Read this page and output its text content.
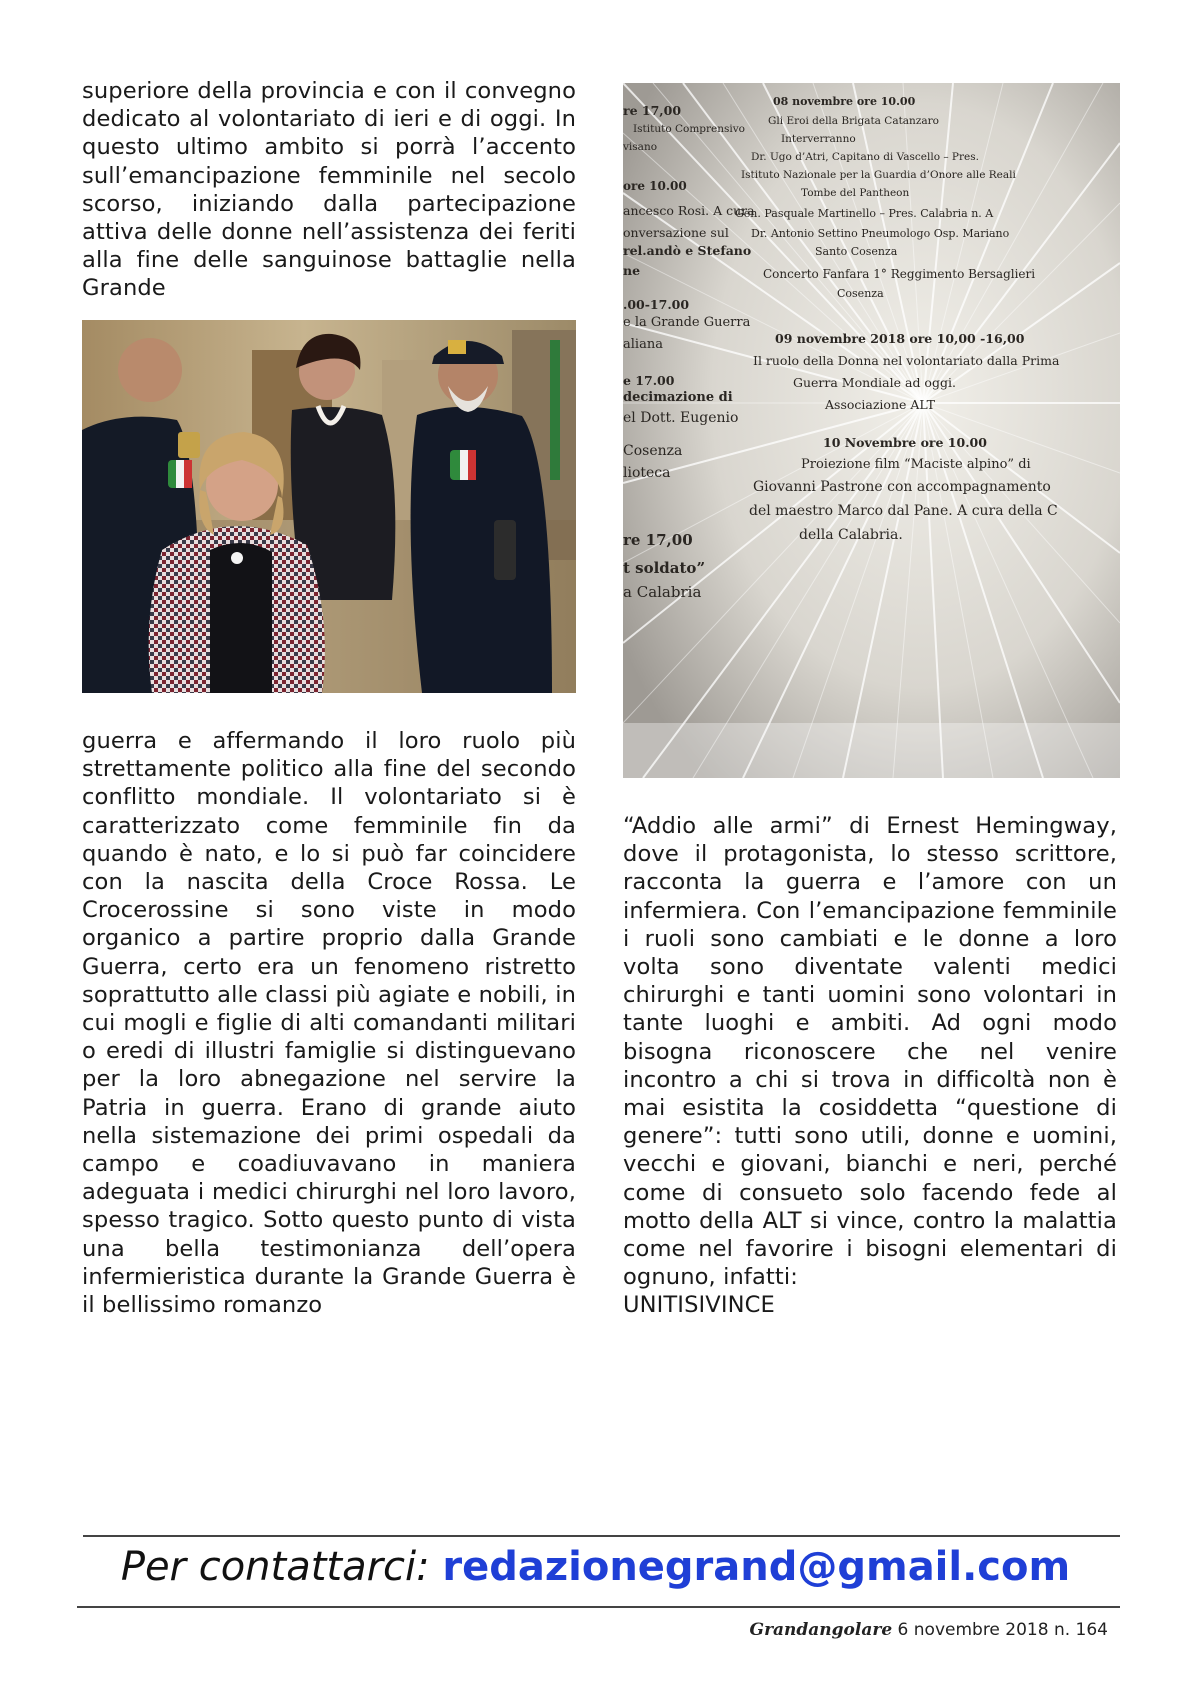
superiore della provincia e con il convegno dedicato al volontariato di ieri e di oggi. In questo ultimo ambito si porrà l’accento sull’emancipazione femminile nel secolo scorso, iniziando dalla partecipazione attiva delle donne nell’assistenza dei feriti alla fine delle sanguinose battaglie nella Grande

guerra e affermando il loro ruolo più strettamente politico alla fine del secondo conflitto mondiale. Il volontariato si è caratterizzato come femminile fin da quando è nato, e lo si può far coincidere con la nascita della Croce Rossa. Le Crocerossine si sono viste in modo organico a partire proprio dalla Grande Guerra, certo era un fenomeno ristretto soprattutto alle classi più agiate e nobili, in cui mogli e figlie di alti comandanti militari o eredi di illustri famiglie si distinguevano per la loro abnegazione nel servire la Patria in guerra. Erano di grande aiuto nella sistemazione dei primi ospedali da campo e coadiuvavano in maniera adeguata i medici chirurghi nel loro lavoro, spesso tragico. Sotto questo punto di vista una bella testimonianza dell’opera infermieristica durante la Grande Guerra è il bellissimo romanzo

08 novembre ore 10.00
Gli Eroi della Brigata Catanzaro
Interverranno
Dr. Ugo d’Atri, Capitano di Vascello – Pres.
Istituto Nazionale per la Guardia d’Onore alle Reali
Tombe del Pantheon
Gen. Pasquale Martinello – Pres. Calabria n. A
Dr. Antonio Settino Pneumologo Osp. Mariano
Santo Cosenza
Concerto Fanfara 1° Reggimento Bersaglieri
Cosenza
09 novembre 2018 ore 10,00 -16,00
Il ruolo della Donna nel volontariato dalla Prima
Guerra Mondiale ad oggi.
Associazione ALT
10 Novembre ore 10.00
Proiezione film “Maciste alpino” di
Giovanni Pastrone con accompagnamento
del maestro Marco dal Pane. A cura della C
della Calabria.
re 17,00
Istituto Comprensivo
visano
ore 10.00
ancesco Rosi. A cura
onversazione sul
rel.andò e Stefano
ne
.00-17.00
e la Grande Guerra
aliana
e 17.00
decimazione di
el Dott. Eugenio
Cosenza
lioteca
re 17,00
t soldato”
a Calabria

“Addio alle armi” di Ernest Hemingway, dove il protagonista, lo stesso scrittore, racconta la guerra e l’amore con un infermiera. Con l’emancipazione femminile i ruoli sono cambiati e le donne a loro volta sono diventate valenti medici chirurghi e tanti uomini sono volontari in tante luoghi e ambiti. Ad ogni modo bisogna riconoscere che nel venire incontro a chi si trova in difficoltà non è mai esistita la cosiddetta “questione di genere”: tutti sono utili, donne e uomini, vecchi e giovani, bianchi e neri, perché come di consueto solo facendo fede al motto della ALT si vince, contro la malattia come nel favorire i bisogni elementari di ognuno, infatti:
UNITISIVINCE

Per contattarci: redazionegrand@gmail.com
Grandangolare 6 novembre 2018 n. 164
